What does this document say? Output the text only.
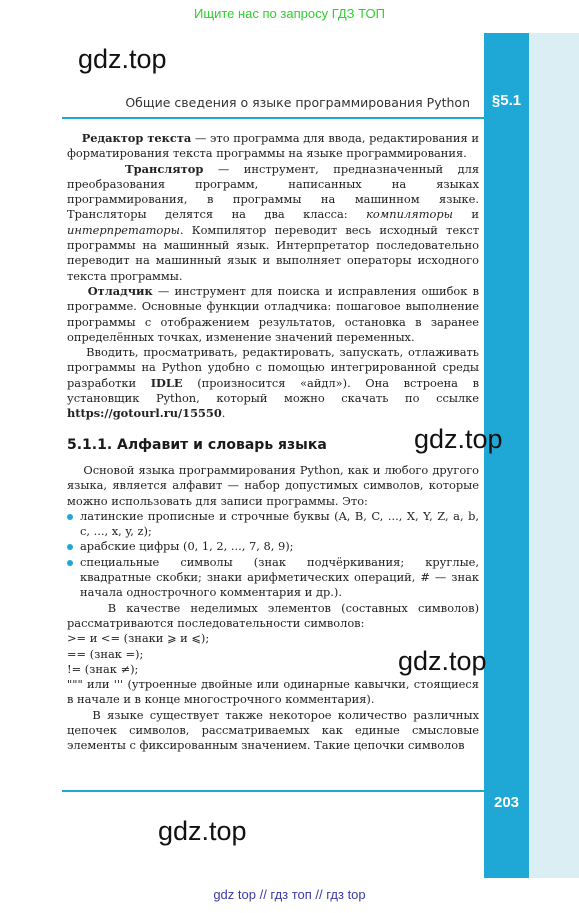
Ищите нас по запросу ГДЗ ТОП
§5.1
203
gdz.top
Общие сведения о языке программирования Python

Редактор текста — это программа для ввода, редактирования и форматирования текста программы на языке программирования.

Транслятор — инструмент, предназначенный для преобразования программ, написанных на языках программирования, в программы на машинном языке. Трансляторы делятся на два класса: компиляторы и интерпретаторы. Компилятор переводит весь исходный текст программы на машинный язык. Интерпретатор последовательно переводит на машинный язык и выполняет операторы исходного текста программы.

Отладчик — инструмент для поиска и исправления ошибок в программе. Основные функции отладчика: пошаговое выполнение программы с отображением результатов, остановка в заранее определённых точках, изменение значений переменных.

Вводить, просматривать, редактировать, запускать, отлаживать программы на Python удобно с помощью интегрированной среды разработки IDLE (произносится «айдл»). Она встроена в установщик Python, который можно скачать по ссылке https://gotourl.ru/15550.

5.1.1. Алфавит и словарь языка	gdz.top

Основой языка программирования Python, как и любого другого языка, является алфавит — набор допустимых символов, которые можно использовать для записи программы. Это:

латинские прописные и строчные буквы (A, B, C, ..., X, Y, Z, a, b, c, ..., x, y, z);
арабские цифры (0, 1, 2, ..., 7, 8, 9);
специальные символы (знак подчёркивания; круглые, квадратные скобки; знаки арифметических операций, # — знак начала однострочного комментария и др.).

В качестве неделимых элементов (составных символов) рассматриваются последовательности символов:

>= и <= (знаки ⩾ и ⩽);

== (знак =);

!= (знак ≠);

""" или ''' (утроенные двойные или одинарные кавычки, стоящиеся в начале и в конце многострочного комментария).

В языке существует также некоторое количество различных цепочек символов, рассматриваемых как единые смысловые элементы с фиксированным значением. Такие цепочки символов

gdz.top
gdz.top
gdz top // гдз топ // гдз top
